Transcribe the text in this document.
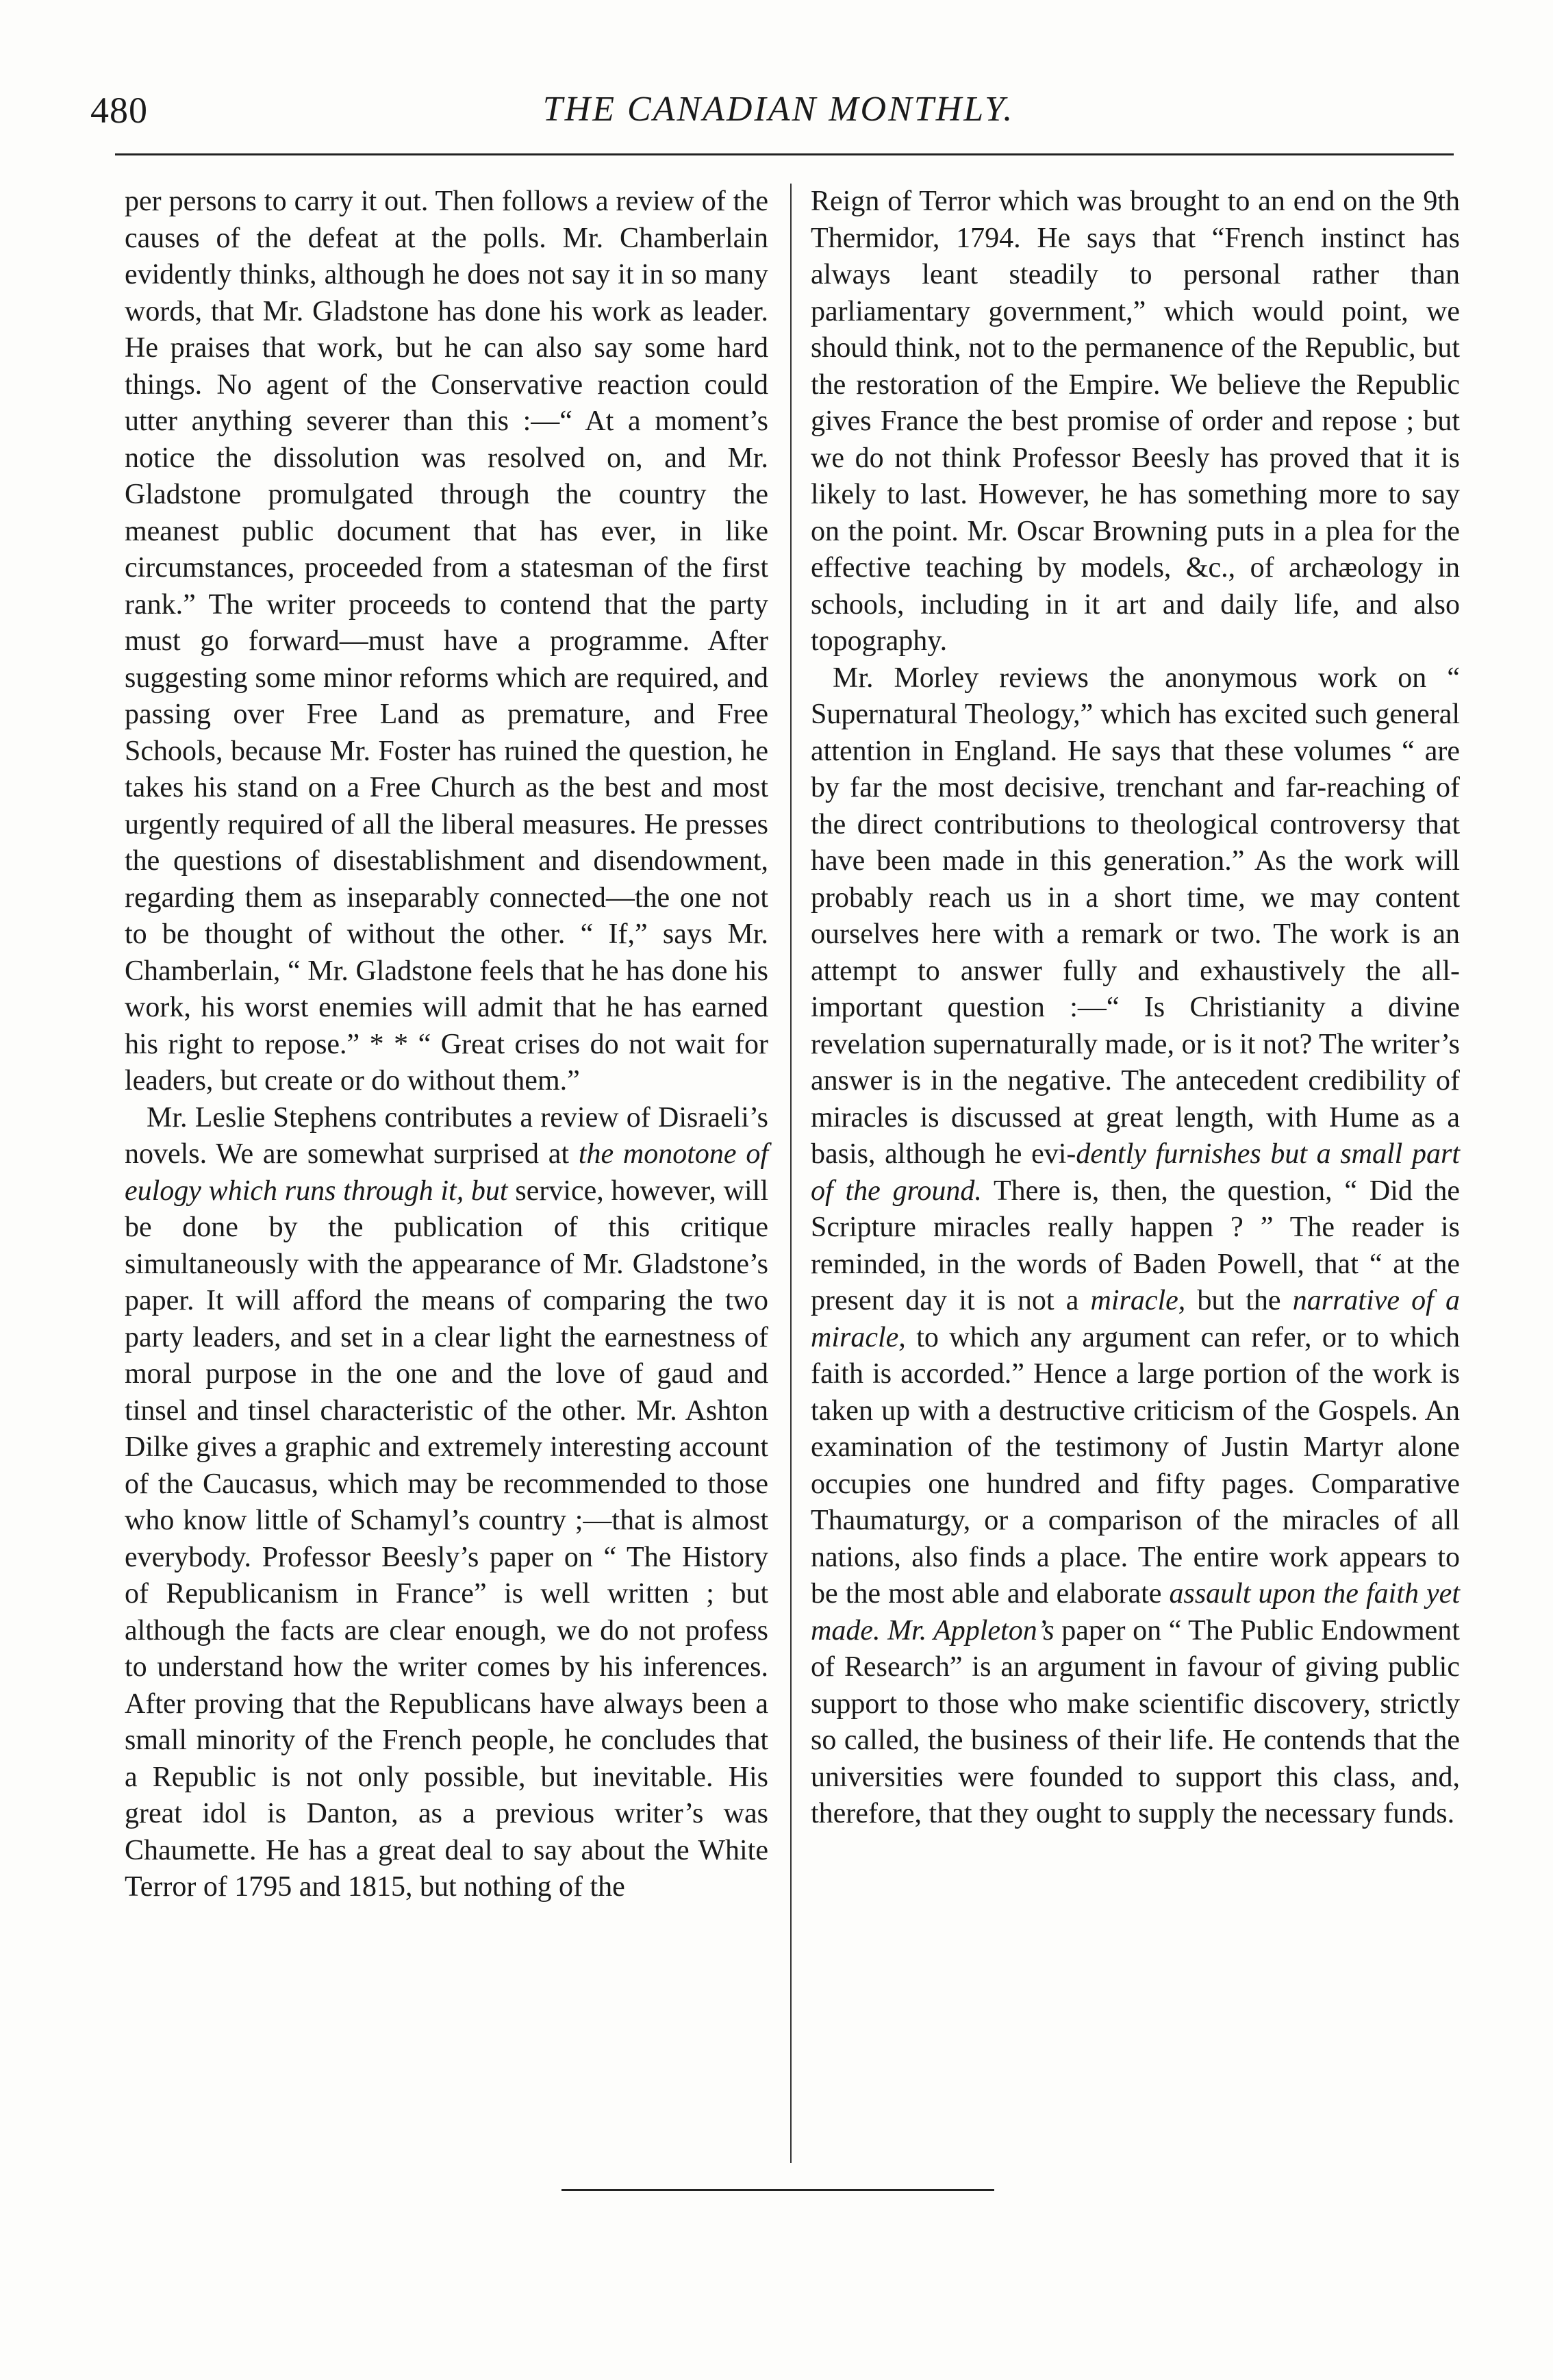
480	THE CANADIAN MONTHLY.

per persons to carry it out. Then follows a review of the causes of the defeat at the polls. Mr. Chamberlain evidently thinks, although he does not say it in so many words, that Mr. Gladstone has done his work as leader. He praises that work, but he can also say some hard things. No agent of the Conservative reaction could utter anything severer than this :—“ At a moment’s notice the dissolution was resolved on, and Mr. Gladstone promulgated through the country the meanest public document that has ever, in like circumstances, proceeded from a statesman of the first rank.” The writer proceeds to contend that the party must go forward—must have a programme. After suggesting some minor reforms which are required, and passing over Free Land as premature, and Free Schools, because Mr. Foster has ruined the question, he takes his stand on a Free Church as the best and most urgently required of all the liberal measures. He presses the questions of disestablishment and disendowment, regarding them as inseparably connected—the one not to be thought of without the other. “ If,” says Mr. Chamberlain, “ Mr. Gladstone feels that he has done his work, his worst enemies will admit that he has earned his right to repose.” * * “ Great crises do not wait for leaders, but create or do without them.”

Mr. Leslie Stephens contributes a review of Disraeli’s novels. We are somewhat surprised at the monotone of eulogy which runs through it, but service, however, will be done by the publication of this critique simultaneously with the appearance of Mr. Gladstone’s paper. It will afford the means of comparing the two party leaders, and set in a clear light the earnestness of moral purpose in the one and the love of gaud and tinsel and tinsel characteristic of the other. Mr. Ashton Dilke gives a graphic and extremely interesting account of the Caucasus, which may be recommended to those who know little of Schamyl’s country ;—that is almost everybody. Professor Beesly’s paper on “ The History of Republicanism in France” is well written ; but although the facts are clear enough, we do not profess to understand how the writer comes by his inferences. After proving that the Republicans have always been a small minority of the French people, he concludes that a Republic is not only possible, but inevitable. His great idol is Danton, as a previous writer’s was Chaumette. He has a great deal to say about the White Terror of 1795 and 1815, but nothing of the

Reign of Terror which was brought to an end on the 9th Thermidor, 1794. He says that “French instinct has always leant steadily to personal rather than parliamentary government,” which would point, we should think, not to the permanence of the Republic, but the restoration of the Empire. We believe the Republic gives France the best promise of order and repose ; but we do not think Professor Beesly has proved that it is likely to last. However, he has something more to say on the point. Mr. Oscar Browning puts in a plea for the effective teaching by models, &c., of archæology in schools, including in it art and daily life, and also topography.

Mr. Morley reviews the anonymous work on “ Supernatural Theology,” which has excited such general attention in England. He says that these volumes “ are by far the most decisive, trenchant and far-reaching of the direct contributions to theological controversy that have been made in this generation.” As the work will probably reach us in a short time, we may content ourselves here with a remark or two. The work is an attempt to answer fully and exhaustively the all-important question :—“ Is Christianity a divine revelation supernaturally made, or is it not? The writer’s answer is in the negative. The antecedent credibility of miracles is discussed at great length, with Hume as a basis, although he evi-dently furnishes but a small part of the ground. There is, then, the question, “ Did the Scripture miracles really happen ? ” The reader is reminded, in the words of Baden Powell, that “ at the present day it is not a miracle, but the narrative of a miracle, to which any argument can refer, or to which faith is accorded.” Hence a large portion of the work is taken up with a destructive criticism of the Gospels. An examination of the testimony of Justin Martyr alone occupies one hundred and fifty pages. Comparative Thaumaturgy, or a comparison of the miracles of all nations, also finds a place. The entire work appears to be the most able and elaborate assault upon the faith yet made. Mr. Appleton’s paper on “ The Public Endowment of Research” is an argument in favour of giving public support to those who make scientific discovery, strictly so called, the business of their life. He contends that the universities were founded to support this class, and, therefore, that they ought to supply the necessary funds.
